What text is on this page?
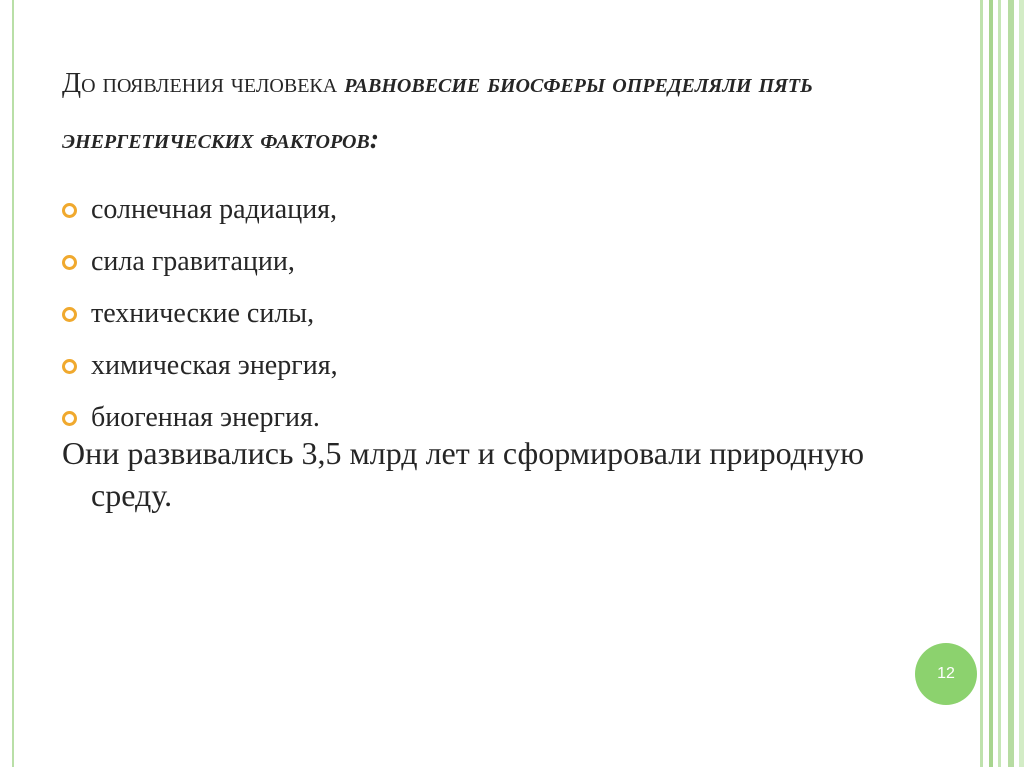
До появления человека равновесие биосферы определяли пять энергетических факторов:
солнечная радиация,
сила гравитации,
технические силы,
химическая энергия,
биогенная энергия.
Они развивались 3,5 млрд лет и сформировали природную среду.
12
